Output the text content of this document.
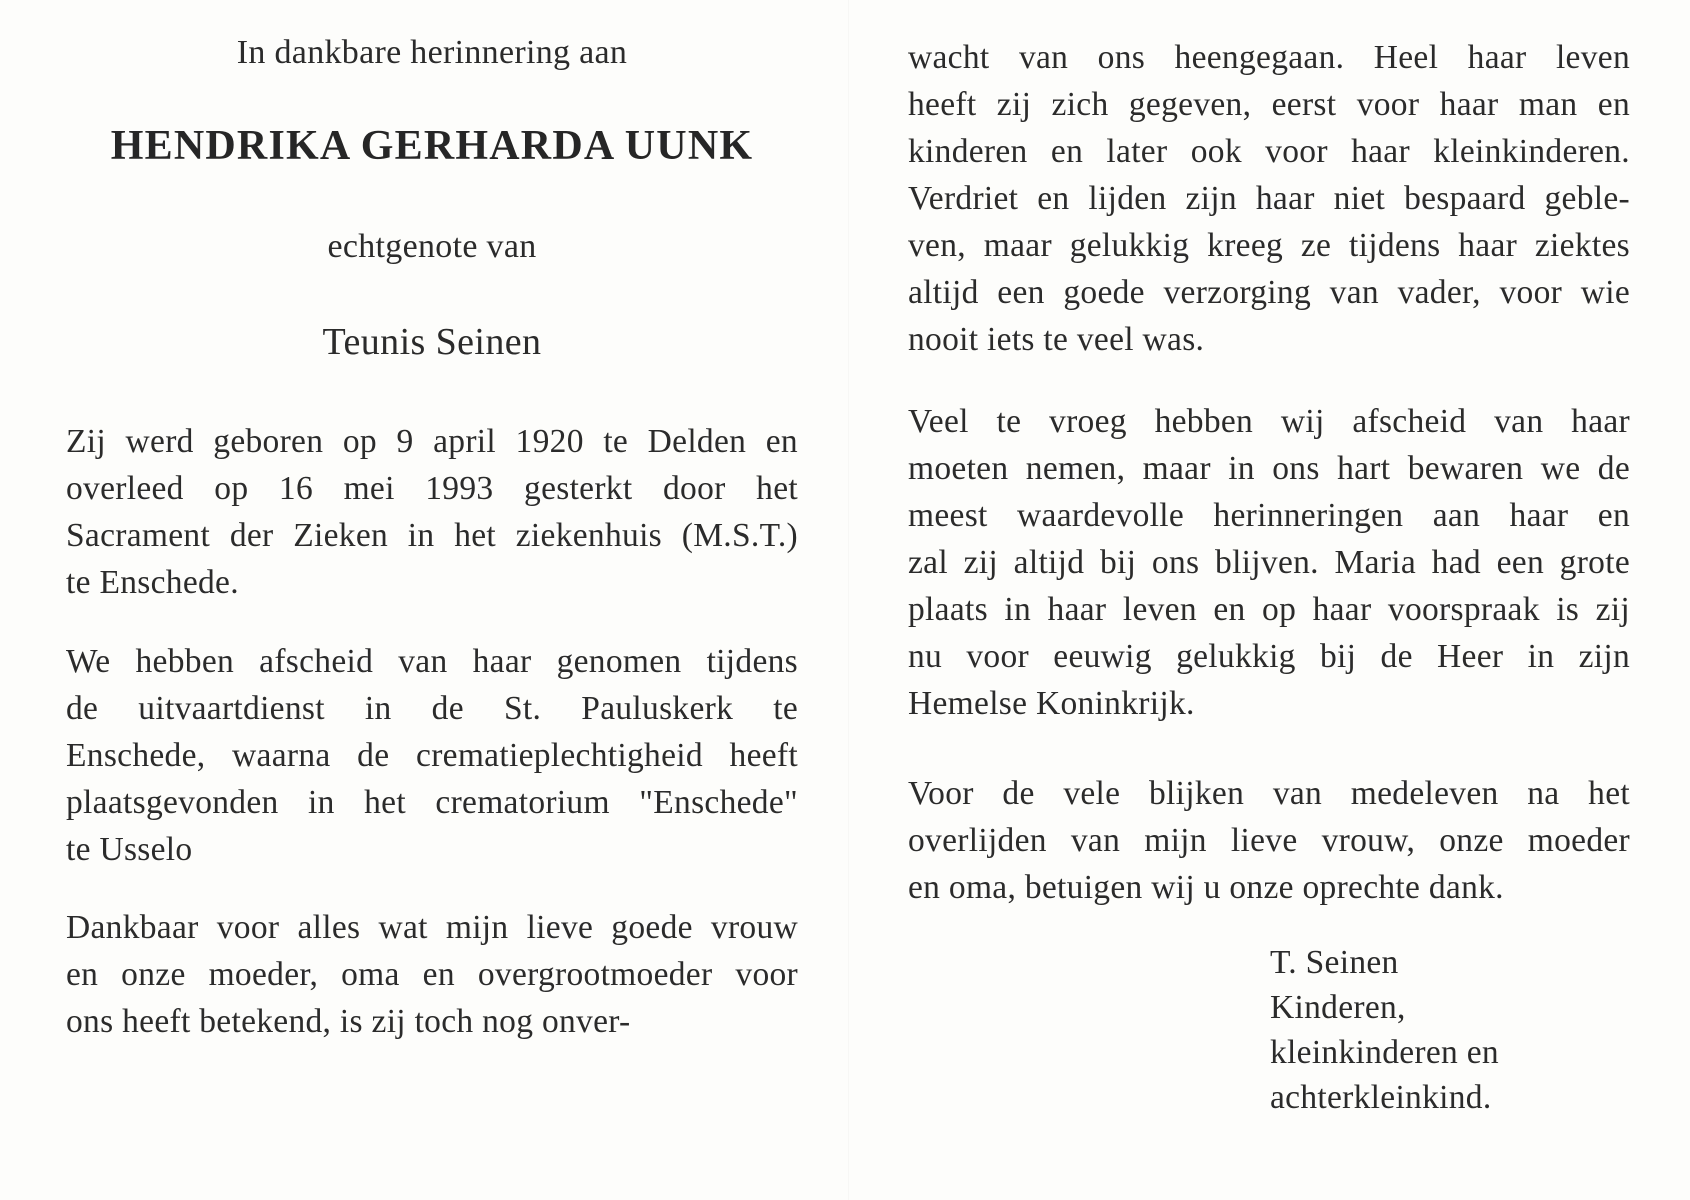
In dankbare herinnering aan
HENDRIKA GERHARDA UUNK
echtgenote van
Teunis Seinen
Zij werd geboren op 9 april 1920 te Delden en
overleed op 16 mei 1993 gesterkt door het
Sacrament der Zieken in het ziekenhuis (M.S.T.)
te Enschede.
We hebben afscheid van haar genomen tijdens
de uitvaartdienst in de St. Pauluskerk te
Enschede, waarna de crematieplechtigheid heeft
plaatsgevonden in het crematorium "Enschede"
te Usselo
Dankbaar voor alles wat mijn lieve goede vrouw
en onze moeder, oma en overgrootmoeder voor
ons heeft betekend, is zij toch nog onver-
wacht van ons heengegaan. Heel haar leven
heeft zij zich gegeven, eerst voor haar man en
kinderen en later ook voor haar kleinkinderen.
Verdriet en lijden zijn haar niet bespaard geble-
ven, maar gelukkig kreeg ze tijdens haar ziektes
altijd een goede verzorging van vader, voor wie
nooit iets te veel was.
Veel te vroeg hebben wij afscheid van haar
moeten nemen, maar in ons hart bewaren we de
meest waardevolle herinneringen aan haar en
zal zij altijd bij ons blijven. Maria had een grote
plaats in haar leven en op haar voorspraak is zij
nu voor eeuwig gelukkig bij de Heer in zijn
Hemelse Koninkrijk.
Voor de vele blijken van medeleven na het
overlijden van mijn lieve vrouw, onze moeder
en oma, betuigen wij u onze oprechte dank.
T. Seinen
Kinderen,
kleinkinderen en
achterkleinkind.
